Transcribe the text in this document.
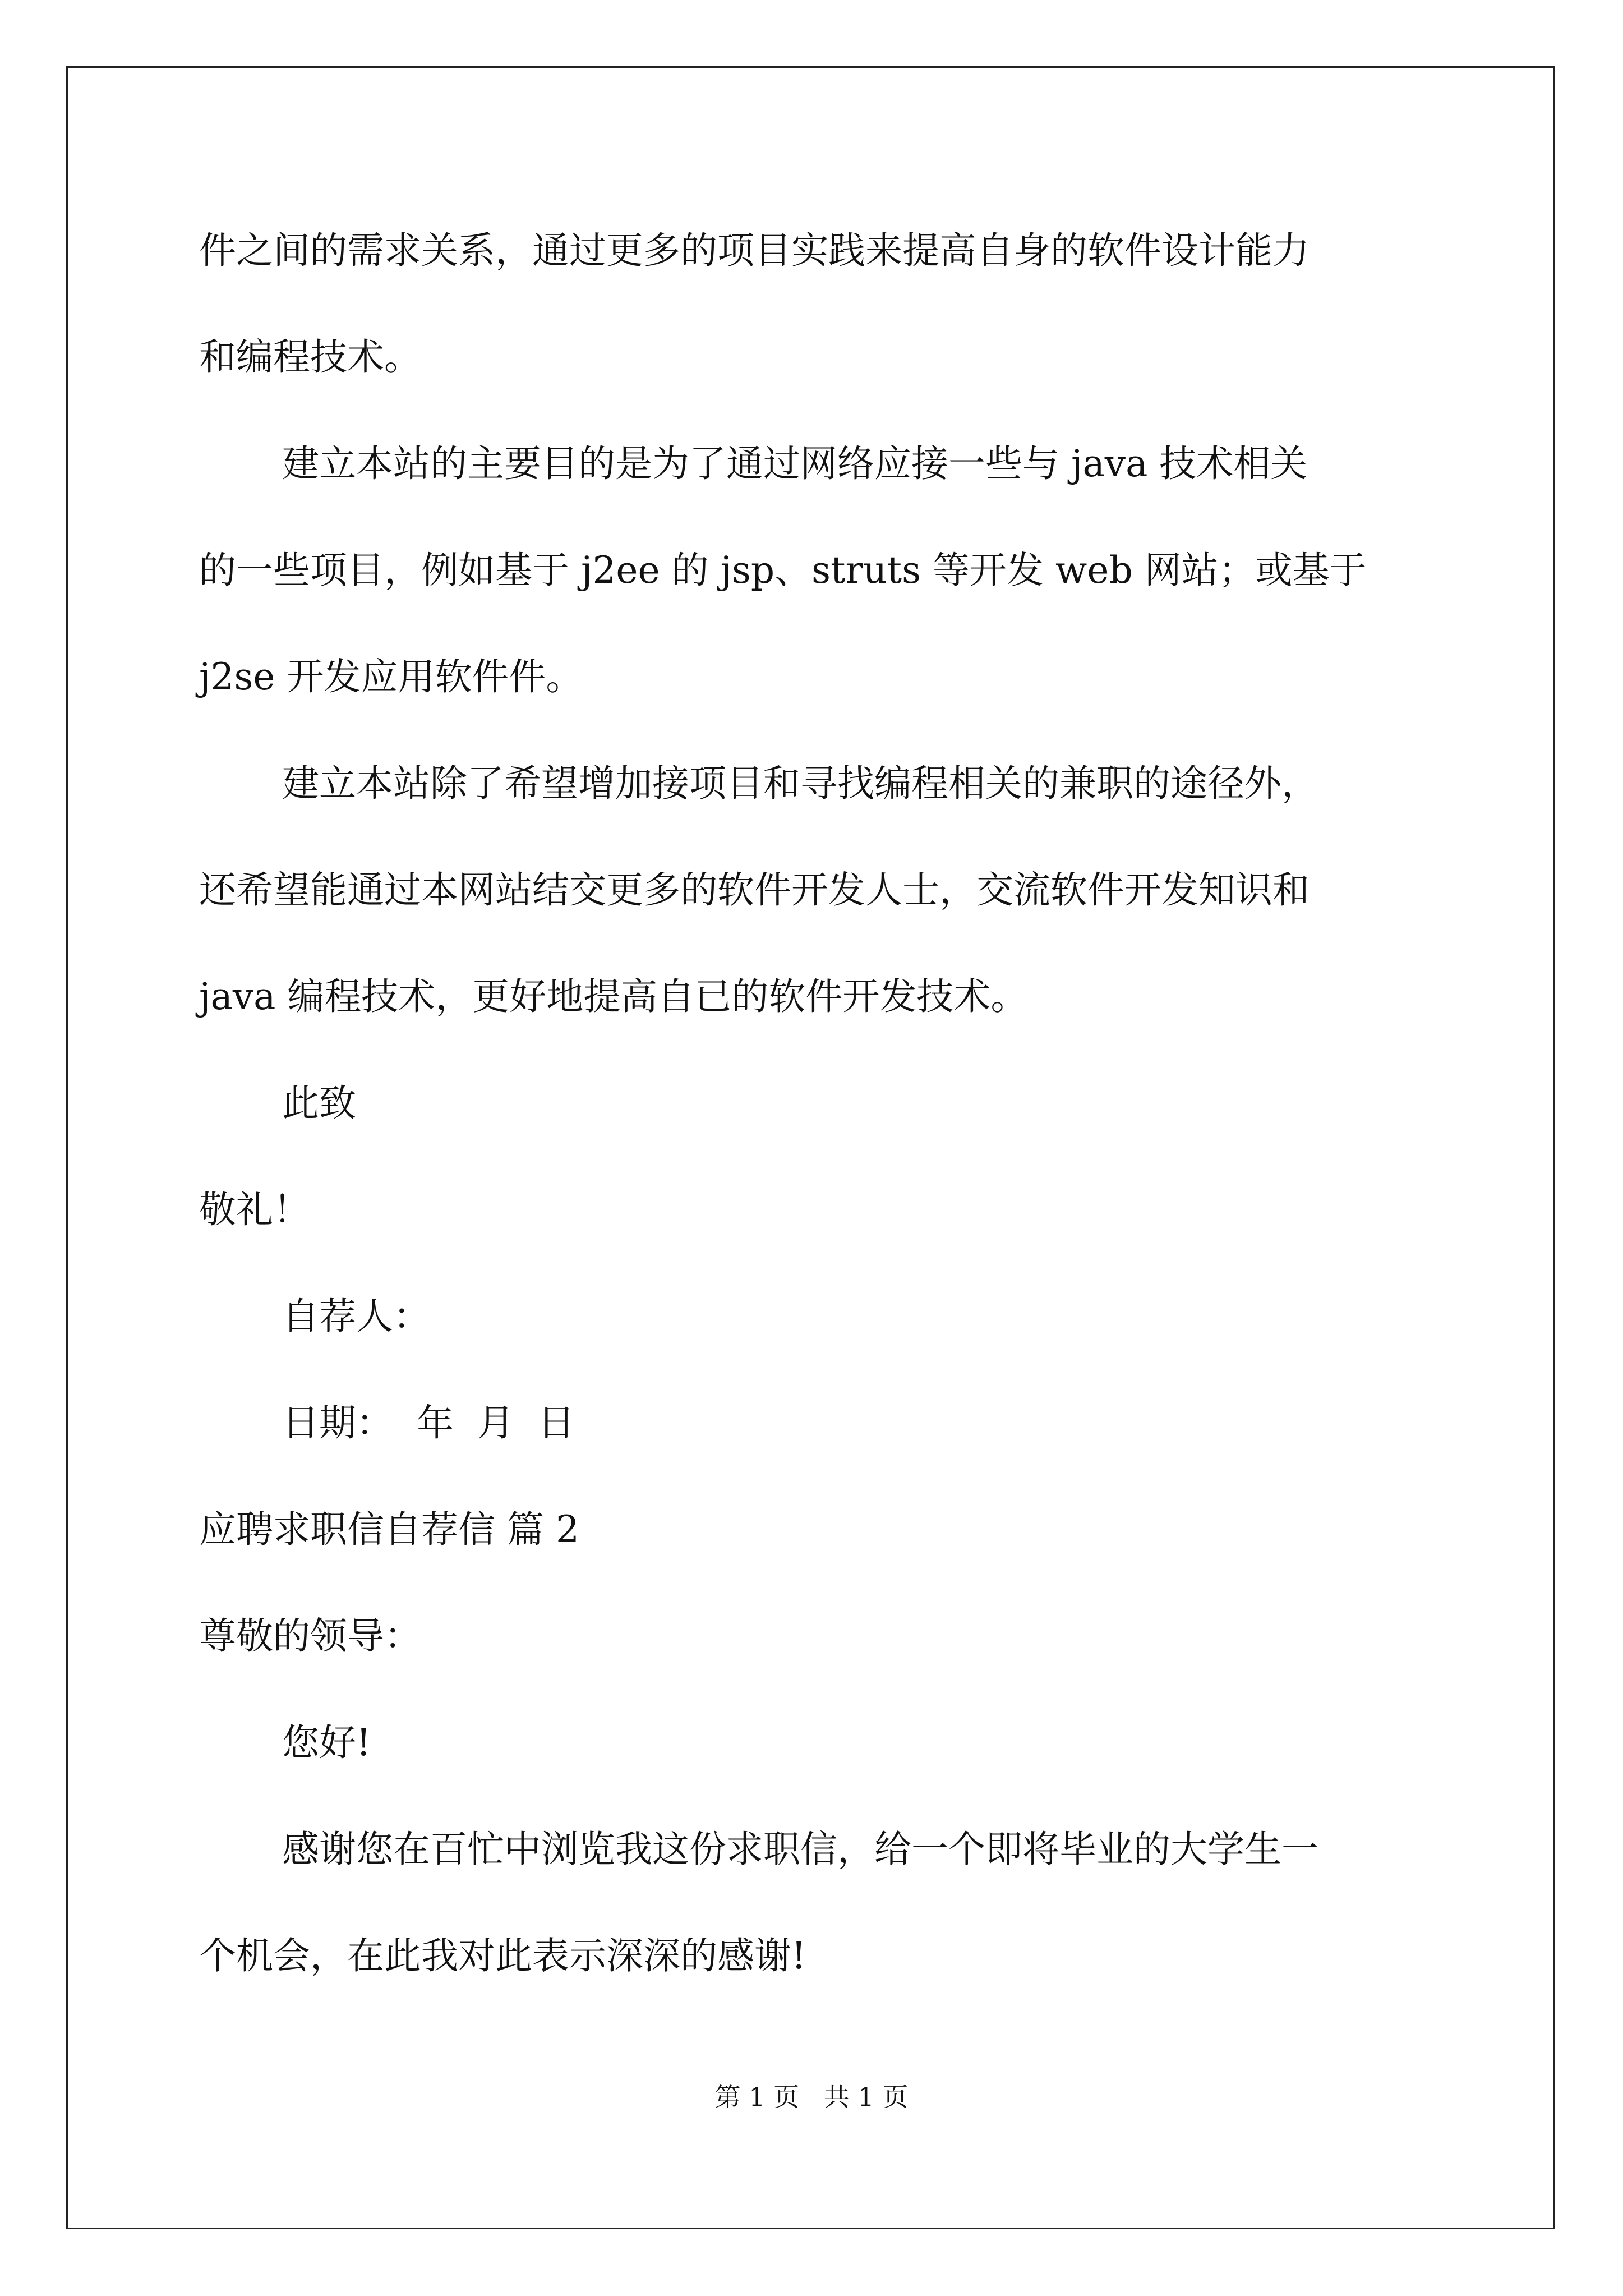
件之间的需求关系，通过更多的项目实践来提高自身的软件设计能力
和编程技术。
建立本站的主要目的是为了通过网络应接一些与 java 技术相关
的一些项目，例如基于 j2ee 的 jsp、struts 等开发 web 网站；或基于
j2se 开发应用软件件。
建立本站除了希望增加接项目和寻找编程相关的兼职的途径外，
还希望能通过本网站结交更多的软件开发人士，交流软件开发知识和
java 编程技术，更好地提高自已的软件开发技术。
此致
敬礼！
自荐人：
日期：  年  月  日
应聘求职信自荐信 篇 2
尊敬的领导：
您好!
感谢您在百忙中浏览我这份求职信，给一个即将毕业的大学生一
个机会，在此我对此表示深深的感谢!
第 1 页   共 1 页
